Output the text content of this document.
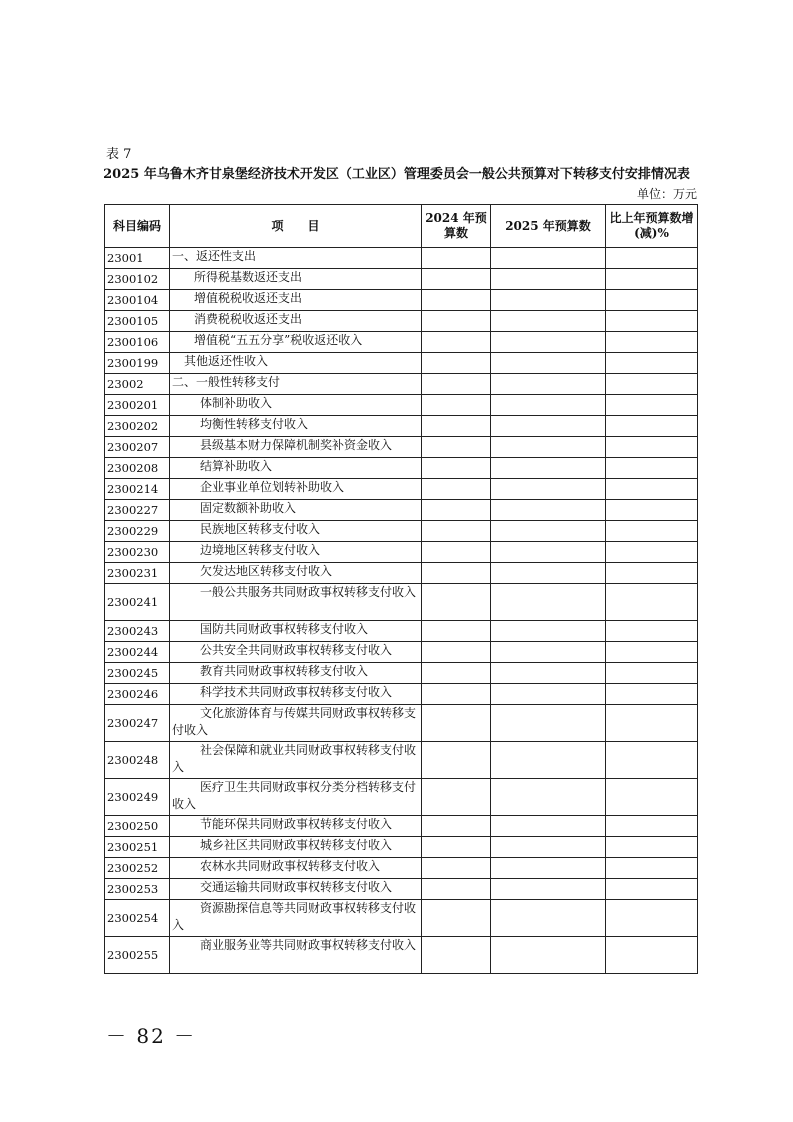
表 7
2025 年乌鲁木齐甘泉堡经济技术开发区（工业区）管理委员会一般公共预算对下转移支付安排情况表
单位：万元
科目编码	项　　目	2024 年预算数	2025 年预算数	比上年预算数增 (减)%
23001	一、返还性支出			
2300102	所得税基数返还支出			
2300104	增值税税收返还支出			
2300105	消费税税收返还支出			
2300106	增值税“五五分享”税收返还收入			
2300199	其他返还性收入			
23002	二、一般性转移支付			
2300201	体制补助收入			
2300202	均衡性转移支付收入			
2300207	县级基本财力保障机制奖补资金收入			
2300208	结算补助收入			
2300214	企业事业单位划转补助收入			
2300227	固定数额补助收入			
2300229	民族地区转移支付收入			
2300230	边境地区转移支付收入			
2300231	欠发达地区转移支付收入			
2300241	一般公共服务共同财政事权转移支付收入			
2300243	国防共同财政事权转移支付收入			
2300244	公共安全共同财政事权转移支付收入			
2300245	教育共同财政事权转移支付收入			
2300246	科学技术共同财政事权转移支付收入			
2300247	文化旅游体育与传媒共同财政事权转移支付收入			
2300248	社会保障和就业共同财政事权转移支付收入			
2300249	医疗卫生共同财政事权分类分档转移支付收入			
2300250	节能环保共同财政事权转移支付收入			
2300251	城乡社区共同财政事权转移支付收入			
2300252	农林水共同财政事权转移支付收入			
2300253	交通运输共同财政事权转移支付收入			
2300254	资源勘探信息等共同财政事权转移支付收入			
2300255	商业服务业等共同财政事权转移支付收入			
－ 82 －
